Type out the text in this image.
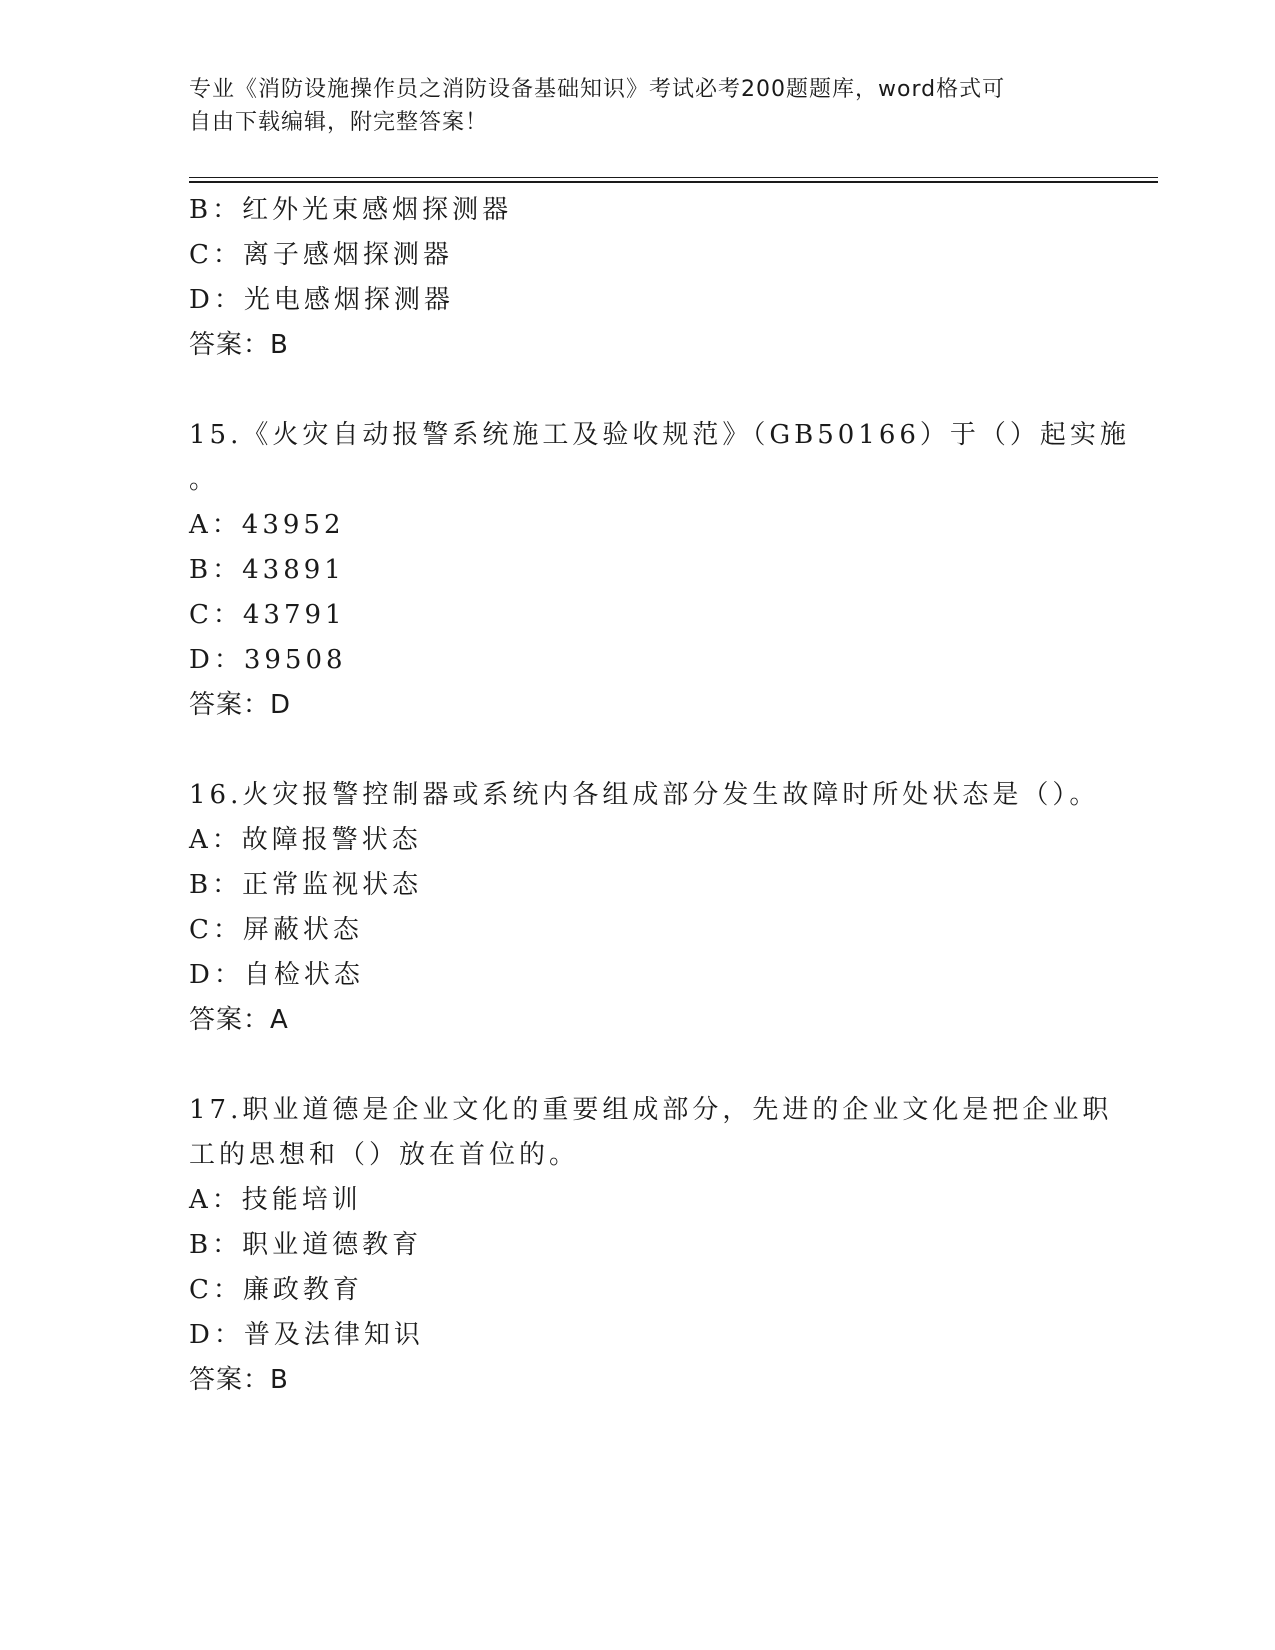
专业《消防设施操作员之消防设备基础知识》考试必考200题题库，word格式可
自由下载编辑，附完整答案！
B：红外光束感烟探测器
C：离子感烟探测器
D：光电感烟探测器
答案：B
15.《火灾自动报警系统施工及验收规范》（GB50166）于（）起实施
。
A：43952
B：43891
C：43791
D：39508
答案：D
16.火灾报警控制器或系统内各组成部分发生故障时所处状态是（）。
A：故障报警状态
B：正常监视状态
C：屏蔽状态
D：自检状态
答案：A
17.职业道德是企业文化的重要组成部分，先进的企业文化是把企业职
工的思想和（）放在首位的。
A：技能培训
B：职业道德教育
C：廉政教育
D：普及法律知识
答案：B
